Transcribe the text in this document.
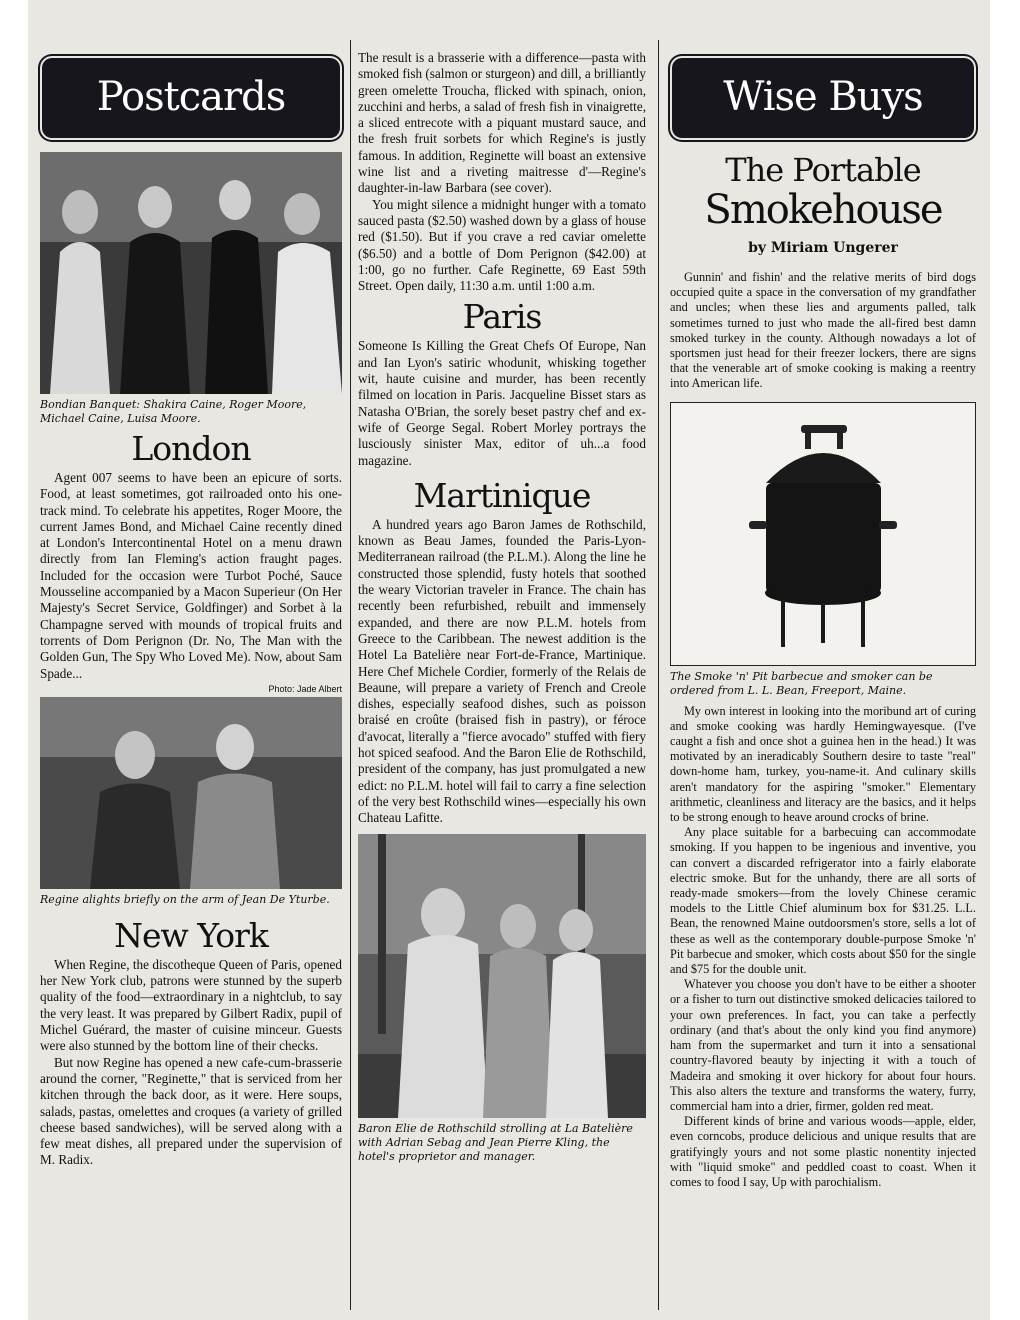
Postcards
Bondian Banquet: Shakira Caine, Roger Moore, Michael Caine, Luisa Moore.
London

Agent 007 seems to have been an epicure of sorts. Food, at least sometimes, got railroaded onto his one-track mind. To celebrate his appetites, Roger Moore, the current James Bond, and Michael Caine recently dined at London's Intercontinental Hotel on a menu drawn directly from Ian Fleming's action fraught pages. Included for the occasion were Turbot Poché, Sauce Mousseline accompanied by a Macon Superieur (On Her Majesty's Secret Service, Goldfinger) and Sorbet à la Champagne served with mounds of tropical fruits and torrents of Dom Perignon (Dr. No, The Man with the Golden Gun, The Spy Who Loved Me). Now, about Sam Spade...

Photo: Jade Albert
Regine alights briefly on the arm of Jean De Yturbe.
New York

When Regine, the discotheque Queen of Paris, opened her New York club, patrons were stunned by the superb quality of the food—extraordinary in a nightclub, to say the very least. It was prepared by Gilbert Radix, pupil of Michel Guérard, the master of cuisine minceur. Guests were also stunned by the bottom line of their checks.

But now Regine has opened a new cafe-cum-brasserie around the corner, "Reginette," that is serviced from her kitchen through the back door, as it were. Here soups, salads, pastas, omelettes and croques (a variety of grilled cheese based sandwiches), will be served along with a few meat dishes, all prepared under the supervision of M. Radix.

The result is a brasserie with a difference—pasta with smoked fish (salmon or sturgeon) and dill, a brilliantly green omelette Troucha, flicked with spinach, onion, zucchini and herbs, a salad of fresh fish in vinaigrette, a sliced entrecote with a piquant mustard sauce, and the fresh fruit sorbets for which Regine's is justly famous. In addition, Reginette will boast an extensive wine list and a riveting maitresse d'—Regine's daughter-in-law Barbara (see cover).

You might silence a midnight hunger with a tomato sauced pasta ($2.50) washed down by a glass of house red ($1.50). But if you crave a red caviar omelette ($6.50) and a bottle of Dom Perignon ($42.00) at 1:00, go no further. Cafe Reginette, 69 East 59th Street. Open daily, 11:30 a.m. until 1:00 a.m.

Paris

Someone Is Killing the Great Chefs Of Europe, Nan and Ian Lyon's satiric whodunit, whisking together wit, haute cuisine and murder, has been recently filmed on location in Paris. Jacqueline Bisset stars as Natasha O'Brian, the sorely beset pastry chef and ex-wife of George Segal. Robert Morley portrays the lusciously sinister Max, editor of uh...a food magazine.

Martinique

A hundred years ago Baron James de Rothschild, known as Beau James, founded the Paris-Lyon-Mediterranean railroad (the P.L.M.). Along the line he constructed those splendid, fusty hotels that soothed the weary Victorian traveler in France. The chain has recently been refurbished, rebuilt and immensely expanded, and there are now P.L.M. hotels from Greece to the Caribbean. The newest addition is the Hotel La Batelière near Fort-de-France, Martinique. Here Chef Michele Cordier, formerly of the Relais de Beaune, will prepare a variety of French and Creole dishes, especially seafood dishes, such as poisson braisé en croûte (braised fish in pastry), or féroce d'avocat, literally a "fierce avocado" stuffed with fiery hot spiced seafood. And the Baron Elie de Rothschild, president of the company, has just promulgated a new edict: no P.L.M. hotel will fail to carry a fine selection of the very best Rothschild wines—especially his own Chateau Lafitte.

Baron Elie de Rothschild strolling at La Batelière with Adrian Sebag and Jean Pierre Kling, the hotel's proprietor and manager.
Wise Buys
The Portable
Smokehouse
by Miriam Ungerer

Gunnin' and fishin' and the relative merits of bird dogs occupied quite a space in the conversation of my grandfather and uncles; when these lies and arguments palled, talk sometimes turned to just who made the all-fired best damn smoked turkey in the county. Although nowadays a lot of sportsmen just head for their freezer lockers, there are signs that the venerable art of smoke cooking is making a reentry into American life.

The Smoke 'n' Pit barbecue and smoker can be ordered from L. L. Bean, Freeport, Maine.

My own interest in looking into the moribund art of curing and smoke cooking was hardly Hemingwayesque. (I've caught a fish and once shot a guinea hen in the head.) It was motivated by an ineradicably Southern desire to taste "real" down-home ham, turkey, you-name-it. And culinary skills aren't mandatory for the aspiring "smoker." Elementary arithmetic, cleanliness and literacy are the basics, and it helps to be strong enough to heave around crocks of brine.

Any place suitable for a barbecuing can accommodate smoking. If you happen to be ingenious and inventive, you can convert a discarded refrigerator into a fairly elaborate electric smoke. But for the unhandy, there are all sorts of ready-made smokers—from the lovely Chinese ceramic models to the Little Chief aluminum box for $31.25. L.L. Bean, the renowned Maine outdoorsmen's store, sells a lot of these as well as the contemporary double-purpose Smoke 'n' Pit barbecue and smoker, which costs about $50 for the single and $75 for the double unit.

Whatever you choose you don't have to be either a shooter or a fisher to turn out distinctive smoked delicacies tailored to your own preferences. In fact, you can take a perfectly ordinary (and that's about the only kind you find anymore) ham from the supermarket and turn it into a sensational country-flavored beauty by injecting it with a touch of Madeira and smoking it over hickory for about four hours. This also alters the texture and transforms the watery, furry, commercial ham into a drier, firmer, golden red meat.

Different kinds of brine and various woods—apple, elder, even corncobs, produce delicious and unique results that are gratifyingly yours and not some plastic nonentity injected with "liquid smoke" and peddled coast to coast. When it comes to food I say, Up with parochialism.
